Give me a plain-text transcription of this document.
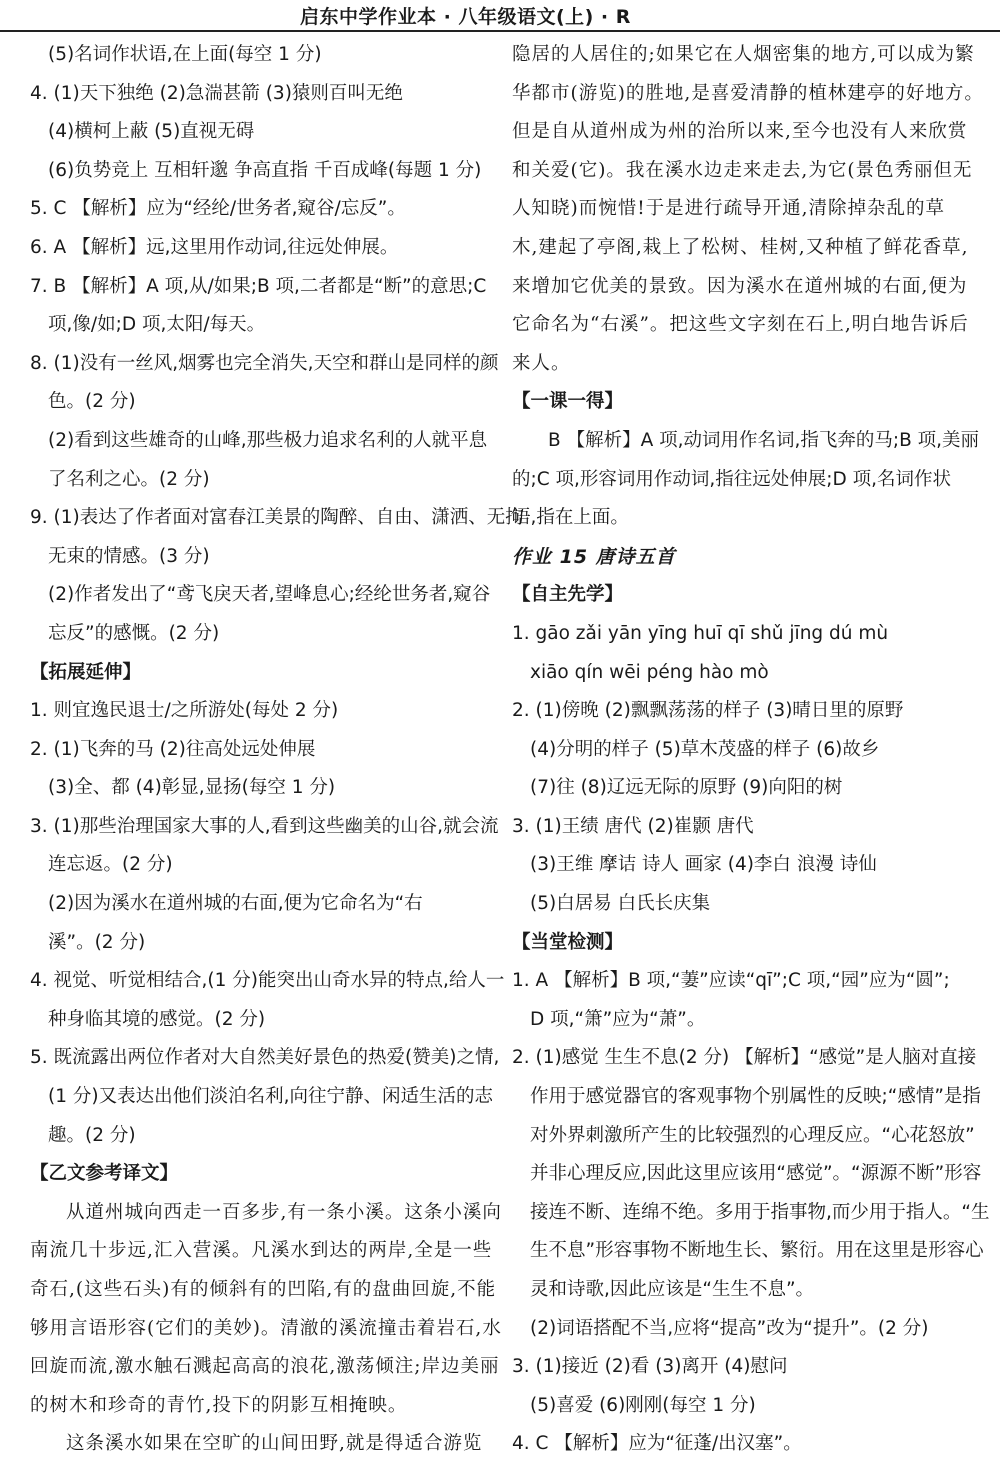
启东中学作业本 · 八年级语文(上) · R
(5)名词作状语,在上面(每空 1 分)
4. (1)天下独绝 (2)急湍甚箭 (3)猿则百叫无绝
(4)横柯上蔽 (5)直视无碍
(6)负势竞上 互相轩邈 争高直指 千百成峰(每题 1 分)
5. C 【解析】应为“经纶/世务者,窥谷/忘反”。
6. A 【解析】远,这里用作动词,往远处伸展。
7. B 【解析】A 项,从/如果;B 项,二者都是“断”的意思;C
项,像/如;D 项,太阳/每天。
8. (1)没有一丝风,烟雾也完全消失,天空和群山是同样的颜
色。(2 分)
(2)看到这些雄奇的山峰,那些极力追求名利的人就平息
了名利之心。(2 分)
9. (1)表达了作者面对富春江美景的陶醉、自由、潇洒、无拘
无束的情感。(3 分)
(2)作者发出了“鸢飞戾天者,望峰息心;经纶世务者,窥谷
忘反”的感慨。(2 分)
【拓展延伸】
1. 则宜逸民退士/之所游处(每处 2 分)
2. (1)飞奔的马 (2)往高处远处伸展
(3)全、都 (4)彰显,显扬(每空 1 分)
3. (1)那些治理国家大事的人,看到这些幽美的山谷,就会流
连忘返。(2 分)
(2)因为溪水在道州城的右面,便为它命名为“右
溪”。(2 分)
4. 视觉、听觉相结合,(1 分)能突出山奇水异的特点,给人一
种身临其境的感觉。(2 分)
5. 既流露出两位作者对大自然美好景色的热爱(赞美)之情,
(1 分)又表达出他们淡泊名利,向往宁静、闲适生活的志
趣。(2 分)
【乙文参考译文】
从道州城向西走一百多步,有一条小溪。这条小溪向
南流几十步远,汇入营溪。凡溪水到达的两岸,全是一些
奇石,(这些石头)有的倾斜有的凹陷,有的盘曲回旋,不能
够用言语形容(它们的美妙)。清澈的溪流撞击着岩石,水
回旋而流,激水触石溅起高高的浪花,激荡倾注;岸边美丽
的树木和珍奇的青竹,投下的阴影互相掩映。
这条溪水如果在空旷的山间田野,就是得适合游览
隐居的人居住的;如果它在人烟密集的地方,可以成为繁
华都市(游览)的胜地,是喜爱清静的植林建亭的好地方。
但是自从道州成为州的治所以来,至今也没有人来欣赏
和关爱(它)。我在溪水边走来走去,为它(景色秀丽但无
人知晓)而惋惜!于是进行疏导开通,清除掉杂乱的草
木,建起了亭阁,栽上了松树、桂树,又种植了鲜花香草,
来增加它优美的景致。因为溪水在道州城的右面,便为
它命名为“右溪”。把这些文字刻在石上,明白地告诉后
来人。
【一课一得】
B 【解析】A 项,动词用作名词,指飞奔的马;B 项,美丽
的;C 项,形容词用作动词,指往远处伸展;D 项,名词作状
语,指在上面。
作业 15 唐诗五首
【自主先学】
1. gāo zǎi yān yīng huī qī shǔ jīng dú mù
xiāo qín wēi péng hào mò
2. (1)傍晚 (2)飘飘荡荡的样子 (3)晴日里的原野
(4)分明的样子 (5)草木茂盛的样子 (6)故乡
(7)往 (8)辽远无际的原野 (9)向阳的树
3. (1)王绩 唐代 (2)崔颢 唐代
(3)王维 摩诘 诗人 画家 (4)李白 浪漫 诗仙
(5)白居易 白氏长庆集
【当堂检测】
1. A 【解析】B 项,“萋”应读“qī”;C 项,“园”应为“圆”;
D 项,“箫”应为“萧”。
2. (1)感觉 生生不息(2 分) 【解析】“感觉”是人脑对直接
作用于感觉器官的客观事物个别属性的反映;“感情”是指
对外界刺激所产生的比较强烈的心理反应。“心花怒放”
并非心理反应,因此这里应该用“感觉”。“源源不断”形容
接连不断、连绵不绝。多用于指事物,而少用于指人。“生
生不息”形容事物不断地生长、繁衍。用在这里是形容心
灵和诗歌,因此应该是“生生不息”。
(2)词语搭配不当,应将“提高”改为“提升”。(2 分)
3. (1)接近 (2)看 (3)离开 (4)慰问
(5)喜爱 (6)刚刚(每空 1 分)
4. C 【解析】应为“征蓬/出汉塞”。
